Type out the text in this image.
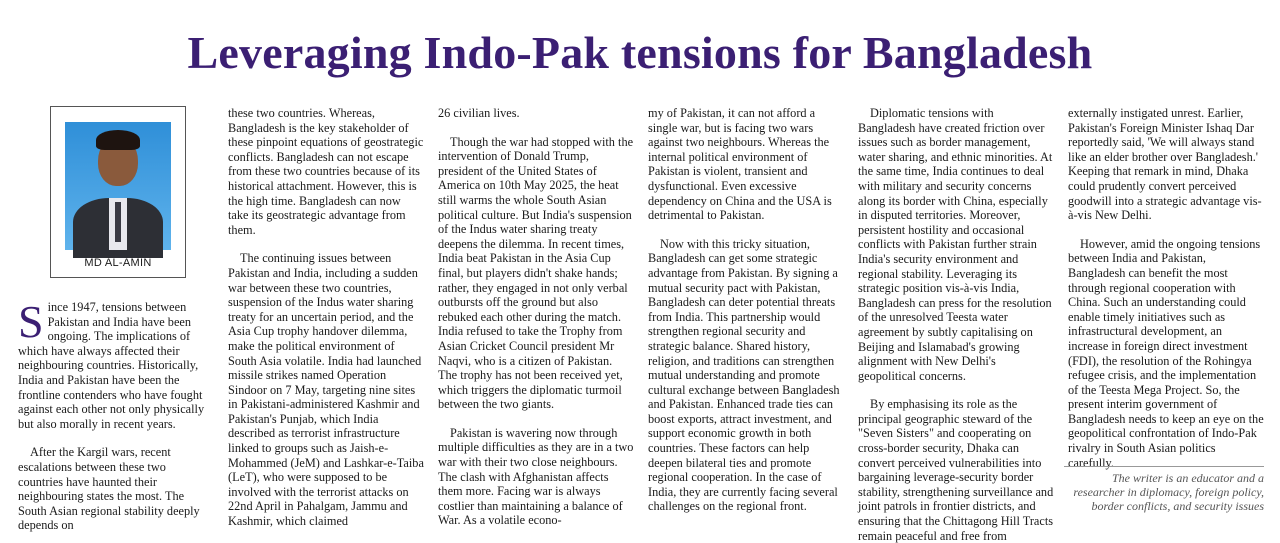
Leveraging Indo-Pak tensions for Bangladesh
MD AL-AMIN

Since 1947, tensions between Pakistan and India have been ongoing. The implications of which have always affected their neighbouring countries. Historically, India and Pakistan have been the frontline contenders who have fought against each other not only physically but also morally in recent years.

After the Kargil wars, recent escalations between these two countries have haunted their neighbouring states the most. The South Asian regional stability deeply depends on

these two countries. Whereas, Bangladesh is the key stakeholder of these pinpoint equations of geostrategic conflicts. Bangladesh can not escape from these two countries because of its historical attachment. However, this is the high time. Bangladesh can now take its geostrategic advantage from them.

The continuing issues between Pakistan and India, including a sudden war between these two countries, suspension of the Indus water sharing treaty for an uncertain period, and the Asia Cup trophy handover dilemma, make the political environment of South Asia volatile. India had launched missile strikes named Operation Sindoor on 7 May, targeting nine sites in Pakistani-administered Kashmir and Pakistan's Punjab, which India described as terrorist infrastructure linked to groups such as Jaish-e-Mohammed (JeM) and Lashkar-e-Taiba (LeT), who were supposed to be involved with the terrorist attacks on 22nd April in Pahalgam, Jammu and Kashmir, which claimed

26 civilian lives.

Though the war had stopped with the intervention of Donald Trump, president of the United States of America on 10th May 2025, the heat still warms the whole South Asian political culture. But India's suspension of the Indus water sharing treaty deepens the dilemma. In recent times, India beat Pakistan in the Asia Cup final, but players didn't shake hands; rather, they engaged in not only verbal outbursts off the ground but also rebuked each other during the match. India refused to take the Trophy from Asian Cricket Council president Mr Naqvi, who is a citizen of Pakistan. The trophy has not been received yet, which triggers the diplomatic turmoil between the two giants.

Pakistan is wavering now through multiple difficulties as they are in a two war with their two close neighbours. The clash with Afghanistan affects them more. Facing war is always costlier than maintaining a balance of War. As a volatile econo-

my of Pakistan, it can not afford a single war, but is facing two wars against two neighbours. Whereas the internal political environment of Pakistan is violent, transient and dysfunctional. Even excessive dependency on China and the USA is detrimental to Pakistan.

Now with this tricky situation, Bangladesh can get some strategic advantage from Pakistan. By signing a mutual security pact with Pakistan, Bangladesh can deter potential threats from India. This partnership would strengthen regional security and strategic balance. Shared history, religion, and traditions can strengthen mutual understanding and promote cultural exchange between Bangladesh and Pakistan. Enhanced trade ties can boost exports, attract investment, and support economic growth in both countries. These factors can help deepen bilateral ties and promote regional cooperation. In the case of India, they are currently facing several challenges on the regional front.

Diplomatic tensions with Bangladesh have created friction over issues such as border management, water sharing, and ethnic minorities. At the same time, India continues to deal with military and security concerns along its border with China, especially in disputed territories. Moreover, persistent hostility and occasional conflicts with Pakistan further strain India's security environment and regional stability. Leveraging its strategic position vis-à-vis India, Bangladesh can press for the resolution of the unresolved Teesta water agreement by subtly capitalising on Beijing and Islamabad's growing alignment with New Delhi's geopolitical concerns.

By emphasising its role as the principal geographic steward of the "Seven Sisters" and cooperating on cross-border security, Dhaka can convert perceived vulnerabilities into bargaining leverage-security border stability, strengthening surveillance and joint patrols in frontier districts, and ensuring that the Chittagong Hill Tracts remain peaceful and free from

externally instigated unrest. Earlier, Pakistan's Foreign Minister Ishaq Dar reportedly said, 'We will always stand like an elder brother over Bangladesh.' Keeping that remark in mind, Dhaka could prudently convert perceived goodwill into a strategic advantage vis-à-vis New Delhi.

However, amid the ongoing tensions between India and Pakistan, Bangladesh can benefit the most through regional cooperation with China. Such an understanding could enable timely initiatives such as infrastructural development, an increase in foreign direct investment (FDI), the resolution of the Rohingya refugee crisis, and the implementation of the Teesta Mega Project. So, the present interim government of Bangladesh needs to keep an eye on the geopolitical confrontation of Indo-Pak rivalry in South Asian politics carefully.

The writer is an educator and a researcher in diplomacy, foreign policy, border conflicts, and security issues
